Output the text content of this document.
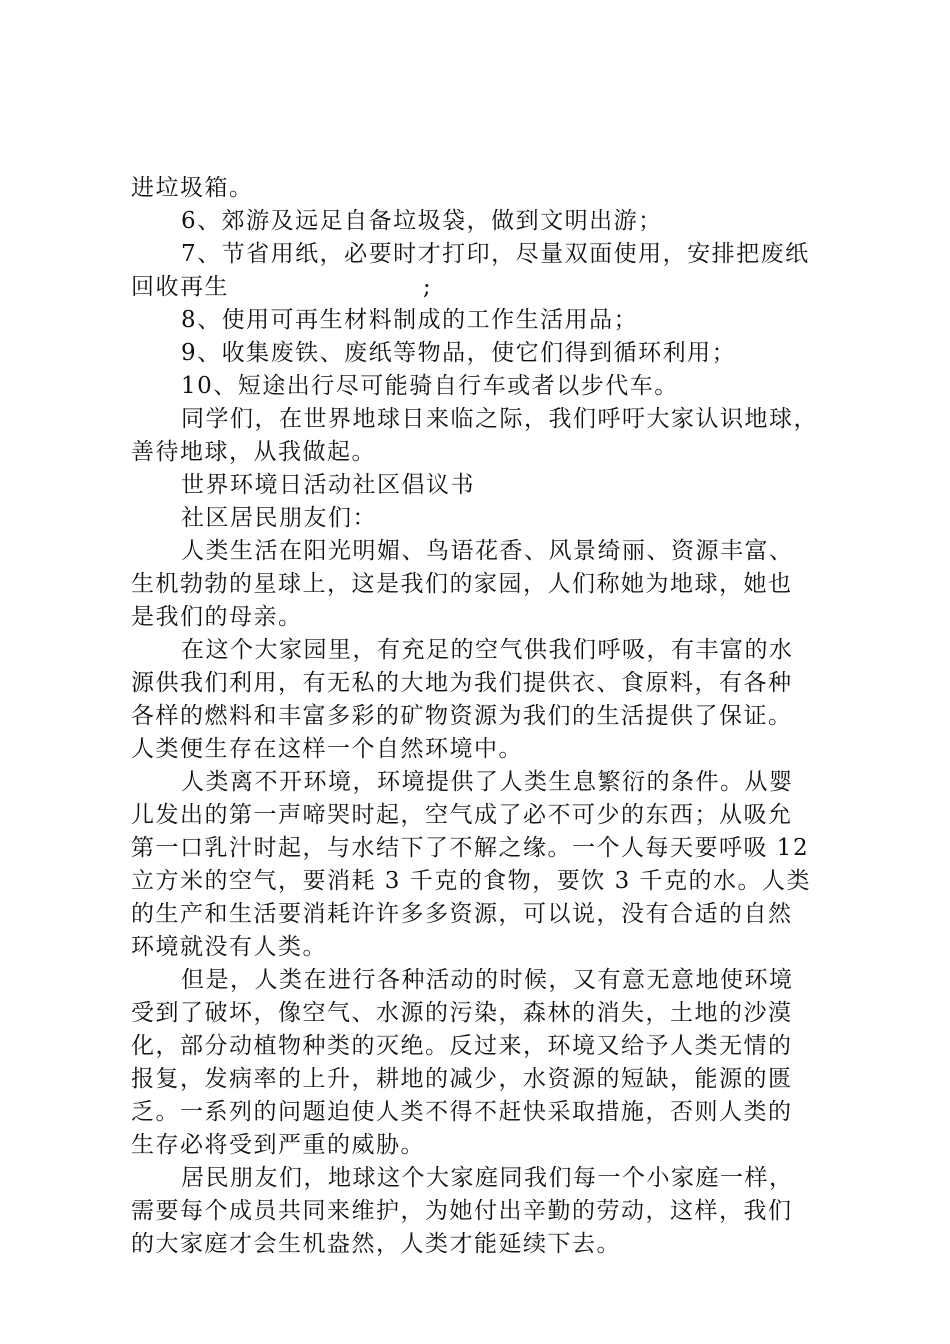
进垃圾箱。
6、郊游及远足自备垃圾袋，做到文明出游；
7、节省用纸，必要时才打印，尽量双面使用，安排把废纸
回收再生                      ;
8、使用可再生材料制成的工作生活用品；
9、收集废铁、废纸等物品，使它们得到循环利用；
10、短途出行尽可能骑自行车或者以步代车。
同学们，在世界地球日来临之际，我们呼吁大家认识地球，
善待地球，从我做起。
世界环境日活动社区倡议书
社区居民朋友们：
人类生活在阳光明媚、鸟语花香、风景绮丽、资源丰富、
生机勃勃的星球上，这是我们的家园，人们称她为地球，她也
是我们的母亲。
在这个大家园里，有充足的空气供我们呼吸，有丰富的水
源供我们利用，有无私的大地为我们提供衣、食原料，有各种
各样的燃料和丰富多彩的矿物资源为我们的生活提供了保证。
人类便生存在这样一个自然环境中。
人类离不开环境，环境提供了人类生息繁衍的条件。从婴
儿发出的第一声啼哭时起，空气成了必不可少的东西；从吸允
第一口乳汁时起，与水结下了不解之缘。一个人每天要呼吸 12
立方米的空气，要消耗 3 千克的食物，要饮 3 千克的水。人类
的生产和生活要消耗许许多多资源，可以说，没有合适的自然
环境就没有人类。
但是，人类在进行各种活动的时候，又有意无意地使环境
受到了破坏，像空气、水源的污染，森林的消失，土地的沙漠
化，部分动植物种类的灭绝。反过来，环境又给予人类无情的
报复，发病率的上升，耕地的减少，水资源的短缺，能源的匮
乏。一系列的问题迫使人类不得不赶快采取措施，否则人类的
生存必将受到严重的威胁。
居民朋友们，地球这个大家庭同我们每一个小家庭一样，
需要每个成员共同来维护，为她付出辛勤的劳动，这样，我们
的大家庭才会生机盎然，人类才能延续下去。
